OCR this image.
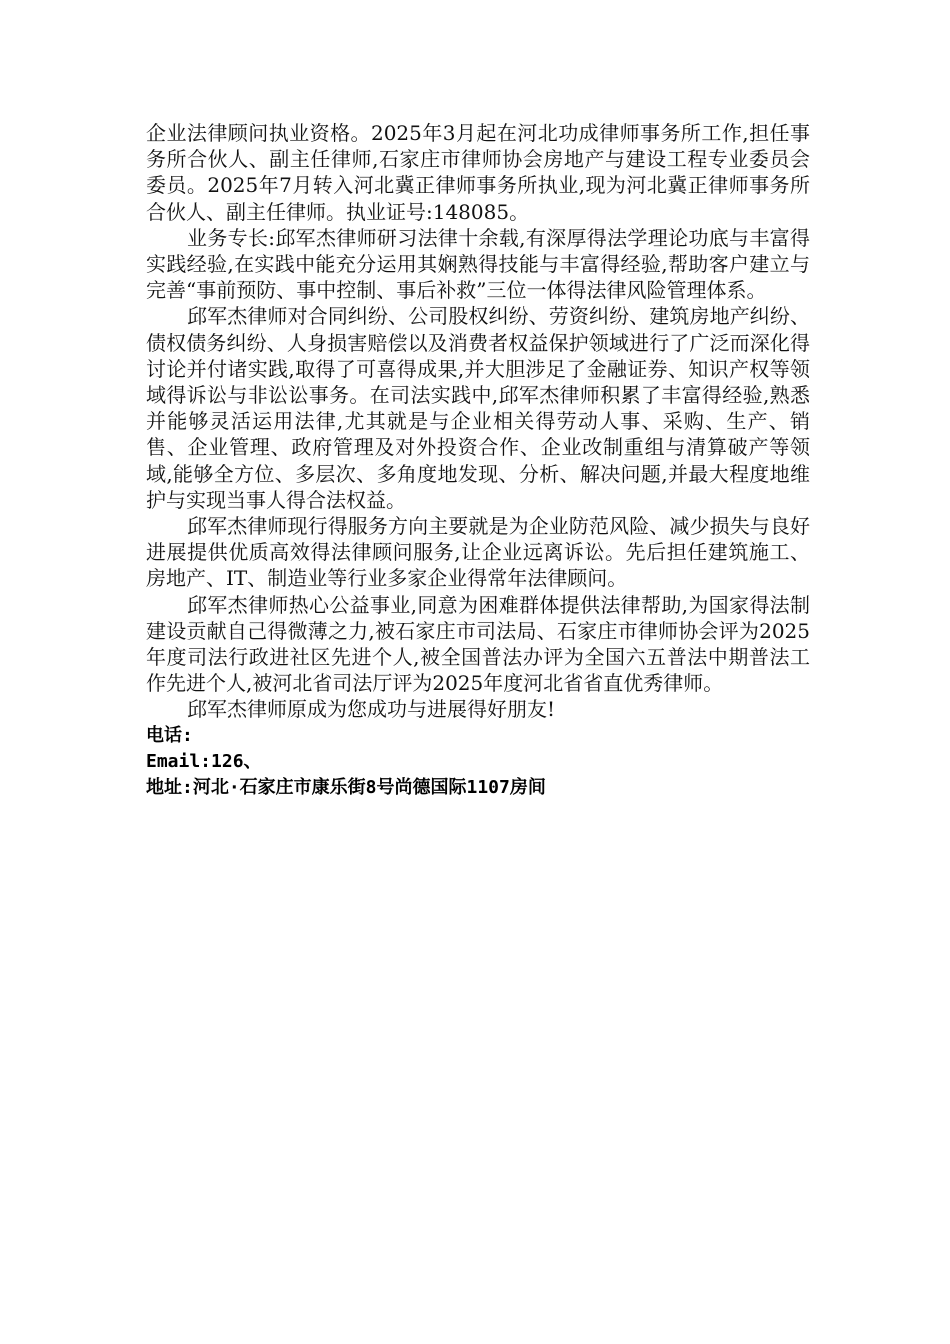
企业法律顾问执业资格。2025年3月起在河北功成律师事务所工作,担任事务所合伙人、副主任律师,石家庄市律师协会房地产与建设工程专业委员会委员。2025年7月转入河北冀正律师事务所执业,现为河北冀正律师事务所合伙人、副主任律师。执业证号:148085。

业务专长:邱军杰律师研习法律十余载,有深厚得法学理论功底与丰富得实践经验,在实践中能充分运用其娴熟得技能与丰富得经验,帮助客户建立与完善“事前预防、事中控制、事后补救”三位一体得法律风险管理体系。

邱军杰律师对合同纠纷、公司股权纠纷、劳资纠纷、建筑房地产纠纷、债权债务纠纷、人身损害赔偿以及消费者权益保护领域进行了广泛而深化得讨论并付诸实践,取得了可喜得成果,并大胆涉足了金融证券、知识产权等领域得诉讼与非讼讼事务。在司法实践中,邱军杰律师积累了丰富得经验,熟悉并能够灵活运用法律,尤其就是与企业相关得劳动人事、采购、生产、销售、企业管理、政府管理及对外投资合作、企业改制重组与清算破产等领域,能够全方位、多层次、多角度地发现、分析、解决问题,并最大程度地维护与实现当事人得合法权益。

邱军杰律师现行得服务方向主要就是为企业防范风险、减少损失与良好进展提供优质高效得法律顾问服务,让企业远离诉讼。先后担任建筑施工、房地产、IT、制造业等行业多家企业得常年法律顾问。

邱军杰律师热心公益事业,同意为困难群体提供法律帮助,为国家得法制建设贡献自己得微薄之力,被石家庄市司法局、石家庄市律师协会评为2025年度司法行政进社区先进个人,被全国普法办评为全国六五普法中期普法工作先进个人,被河北省司法厅评为2025年度河北省省直优秀律师。

邱军杰律师原成为您成功与进展得好朋友!

电话:

Email:126、

地址:河北·石家庄市康乐街8号尚德国际1107房间
